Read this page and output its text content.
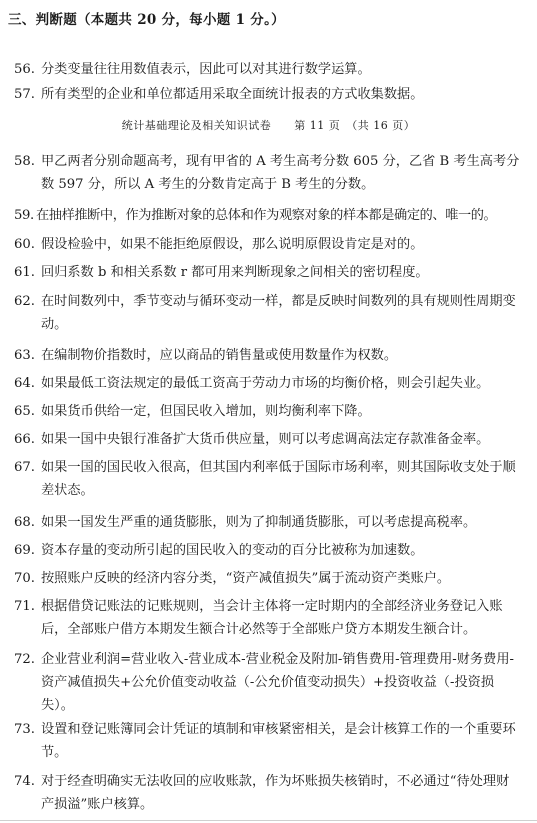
三、判断题（本题共 20 分，每小题 1 分。）
56. 分类变量往往用数值表示，因此可以对其进行数学运算。
57. 所有类型的企业和单位都适用采取全面统计报表的方式收集数据。
统计基础理论及相关知识试卷　　第 11 页　（共 16 页）
58. 甲乙两者分别命题高考，现有甲省的 A 考生高考分数 605 分，乙省 B 考生高考分数 597 分，所以 A 考生的分数肯定高于 B 考生的分数。
59. 在抽样推断中，作为推断对象的总体和作为观察对象的样本都是确定的、唯一的。
60. 假设检验中，如果不能拒绝原假设，那么说明原假设肯定是对的。
61. 回归系数 b 和相关系数 r 都可用来判断现象之间相关的密切程度。
62. 在时间数列中，季节变动与循环变动一样，都是反映时间数列的具有规则性周期变动。
63. 在编制物价指数时，应以商品的销售量或使用数量作为权数。
64. 如果最低工资法规定的最低工资高于劳动力市场的均衡价格，则会引起失业。
65. 如果货币供给一定，但国民收入增加，则均衡利率下降。
66. 如果一国中央银行准备扩大货币供应量，则可以考虑调高法定存款准备金率。
67. 如果一国的国民收入很高，但其国内利率低于国际市场利率，则其国际收支处于顺差状态。
68. 如果一国发生严重的通货膨胀，则为了抑制通货膨胀，可以考虑提高税率。
69. 资本存量的变动所引起的国民收入的变动的百分比被称为加速数。
70. 按照账户反映的经济内容分类，“资产减值损失”属于流动资产类账户。
71. 根据借贷记账法的记账规则，当会计主体将一定时期内的全部经济业务登记入账后，全部账户借方本期发生额合计必然等于全部账户贷方本期发生额合计。
72. 企业营业利润=营业收入-营业成本-营业税金及附加-销售费用-管理费用-财务费用-资产减值损失+公允价值变动收益（-公允价值变动损失）+投资收益（-投资损失）。
73. 设置和登记账簿同会计凭证的填制和审核紧密相关，是会计核算工作的一个重要环节。
74. 对于经查明确实无法收回的应收账款，作为坏账损失核销时，不必通过“待处理财产损溢”账户核算。
